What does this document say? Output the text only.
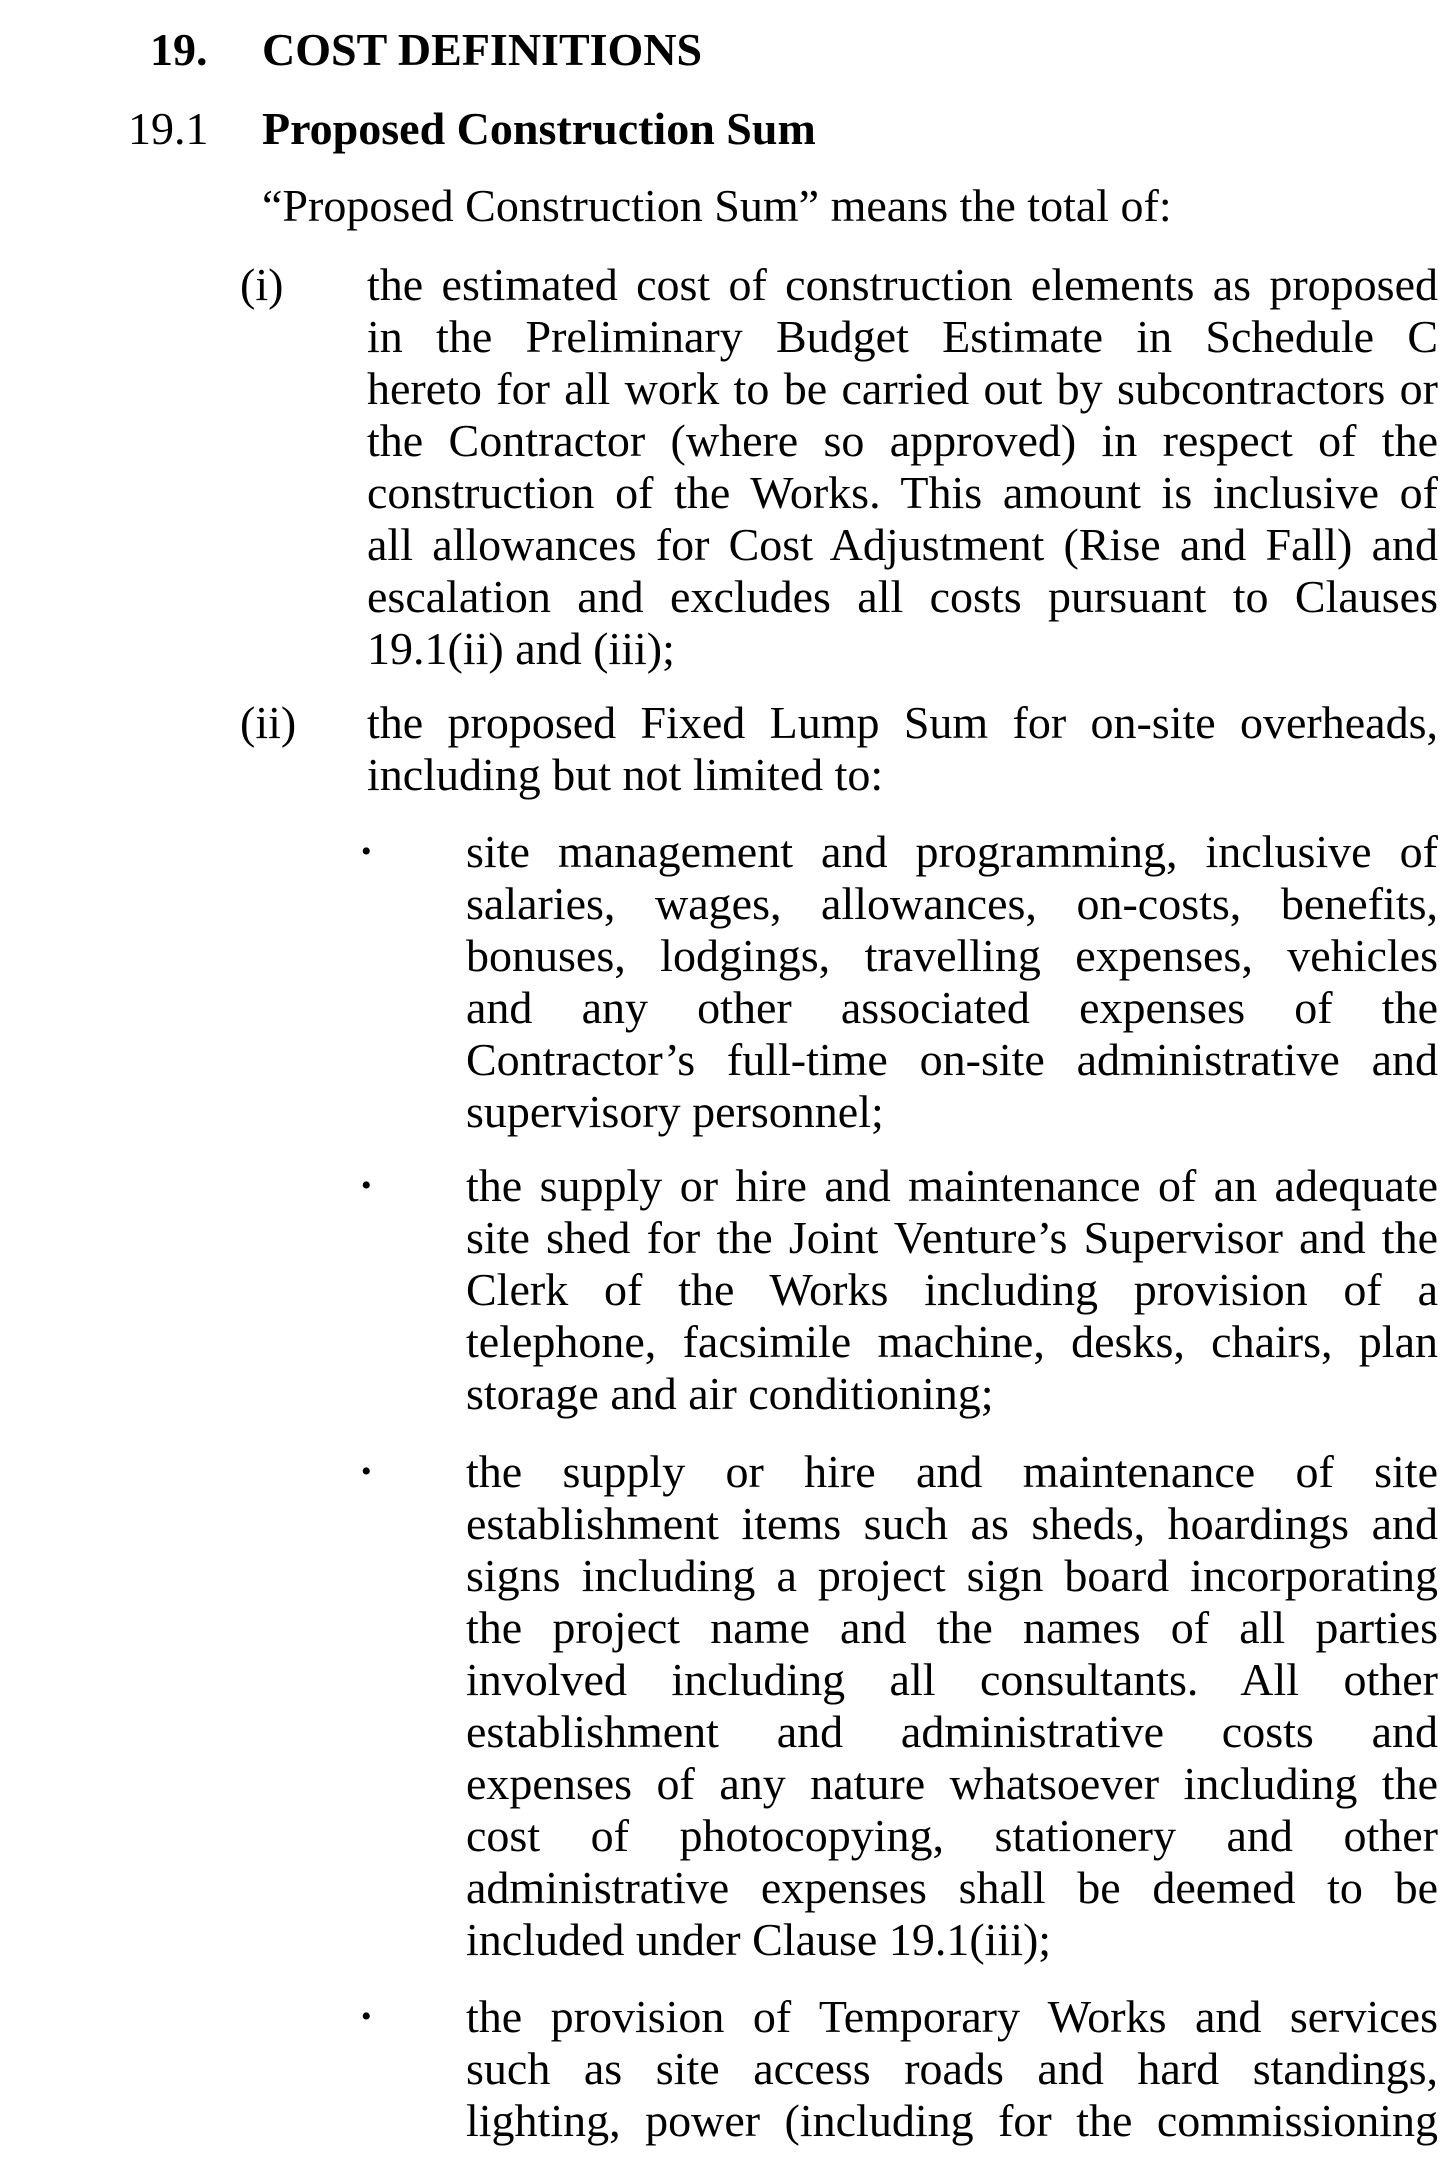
19. COST DEFINITIONS
19.1 Proposed Construction Sum
“Proposed Construction Sum” means the total of:
(i) the estimated cost of construction elements as proposed
in the Preliminary Budget Estimate in Schedule C
hereto for all work to be carried out by subcontractors or
the Contractor (where so approved) in respect of the
construction of the Works. This amount is inclusive of
all allowances for Cost Adjustment (Rise and Fall) and
escalation and excludes all costs pursuant to Clauses
19.1(ii) and (iii);
(ii) the proposed Fixed Lump Sum for on-site overheads,
including but not limited to:
• site management and programming, inclusive of
salaries, wages, allowances, on-costs, benefits,
bonuses, lodgings, travelling expenses, vehicles
and any other associated expenses of the
Contractor’s full-time on-site administrative and
supervisory personnel;
• the supply or hire and maintenance of an adequate
site shed for the Joint Venture’s Supervisor and the
Clerk of the Works including provision of a
telephone, facsimile machine, desks, chairs, plan
storage and air conditioning;
• the supply or hire and maintenance of site
establishment items such as sheds, hoardings and
signs including a project sign board incorporating
the project name and the names of all parties
involved including all consultants. All other
establishment and administrative costs and
expenses of any nature whatsoever including the
cost of photocopying, stationery and other
administrative expenses shall be deemed to be
included under Clause 19.1(iii);
• the provision of Temporary Works and services
such as site access roads and hard standings,
lighting, power (including for the commissioning
